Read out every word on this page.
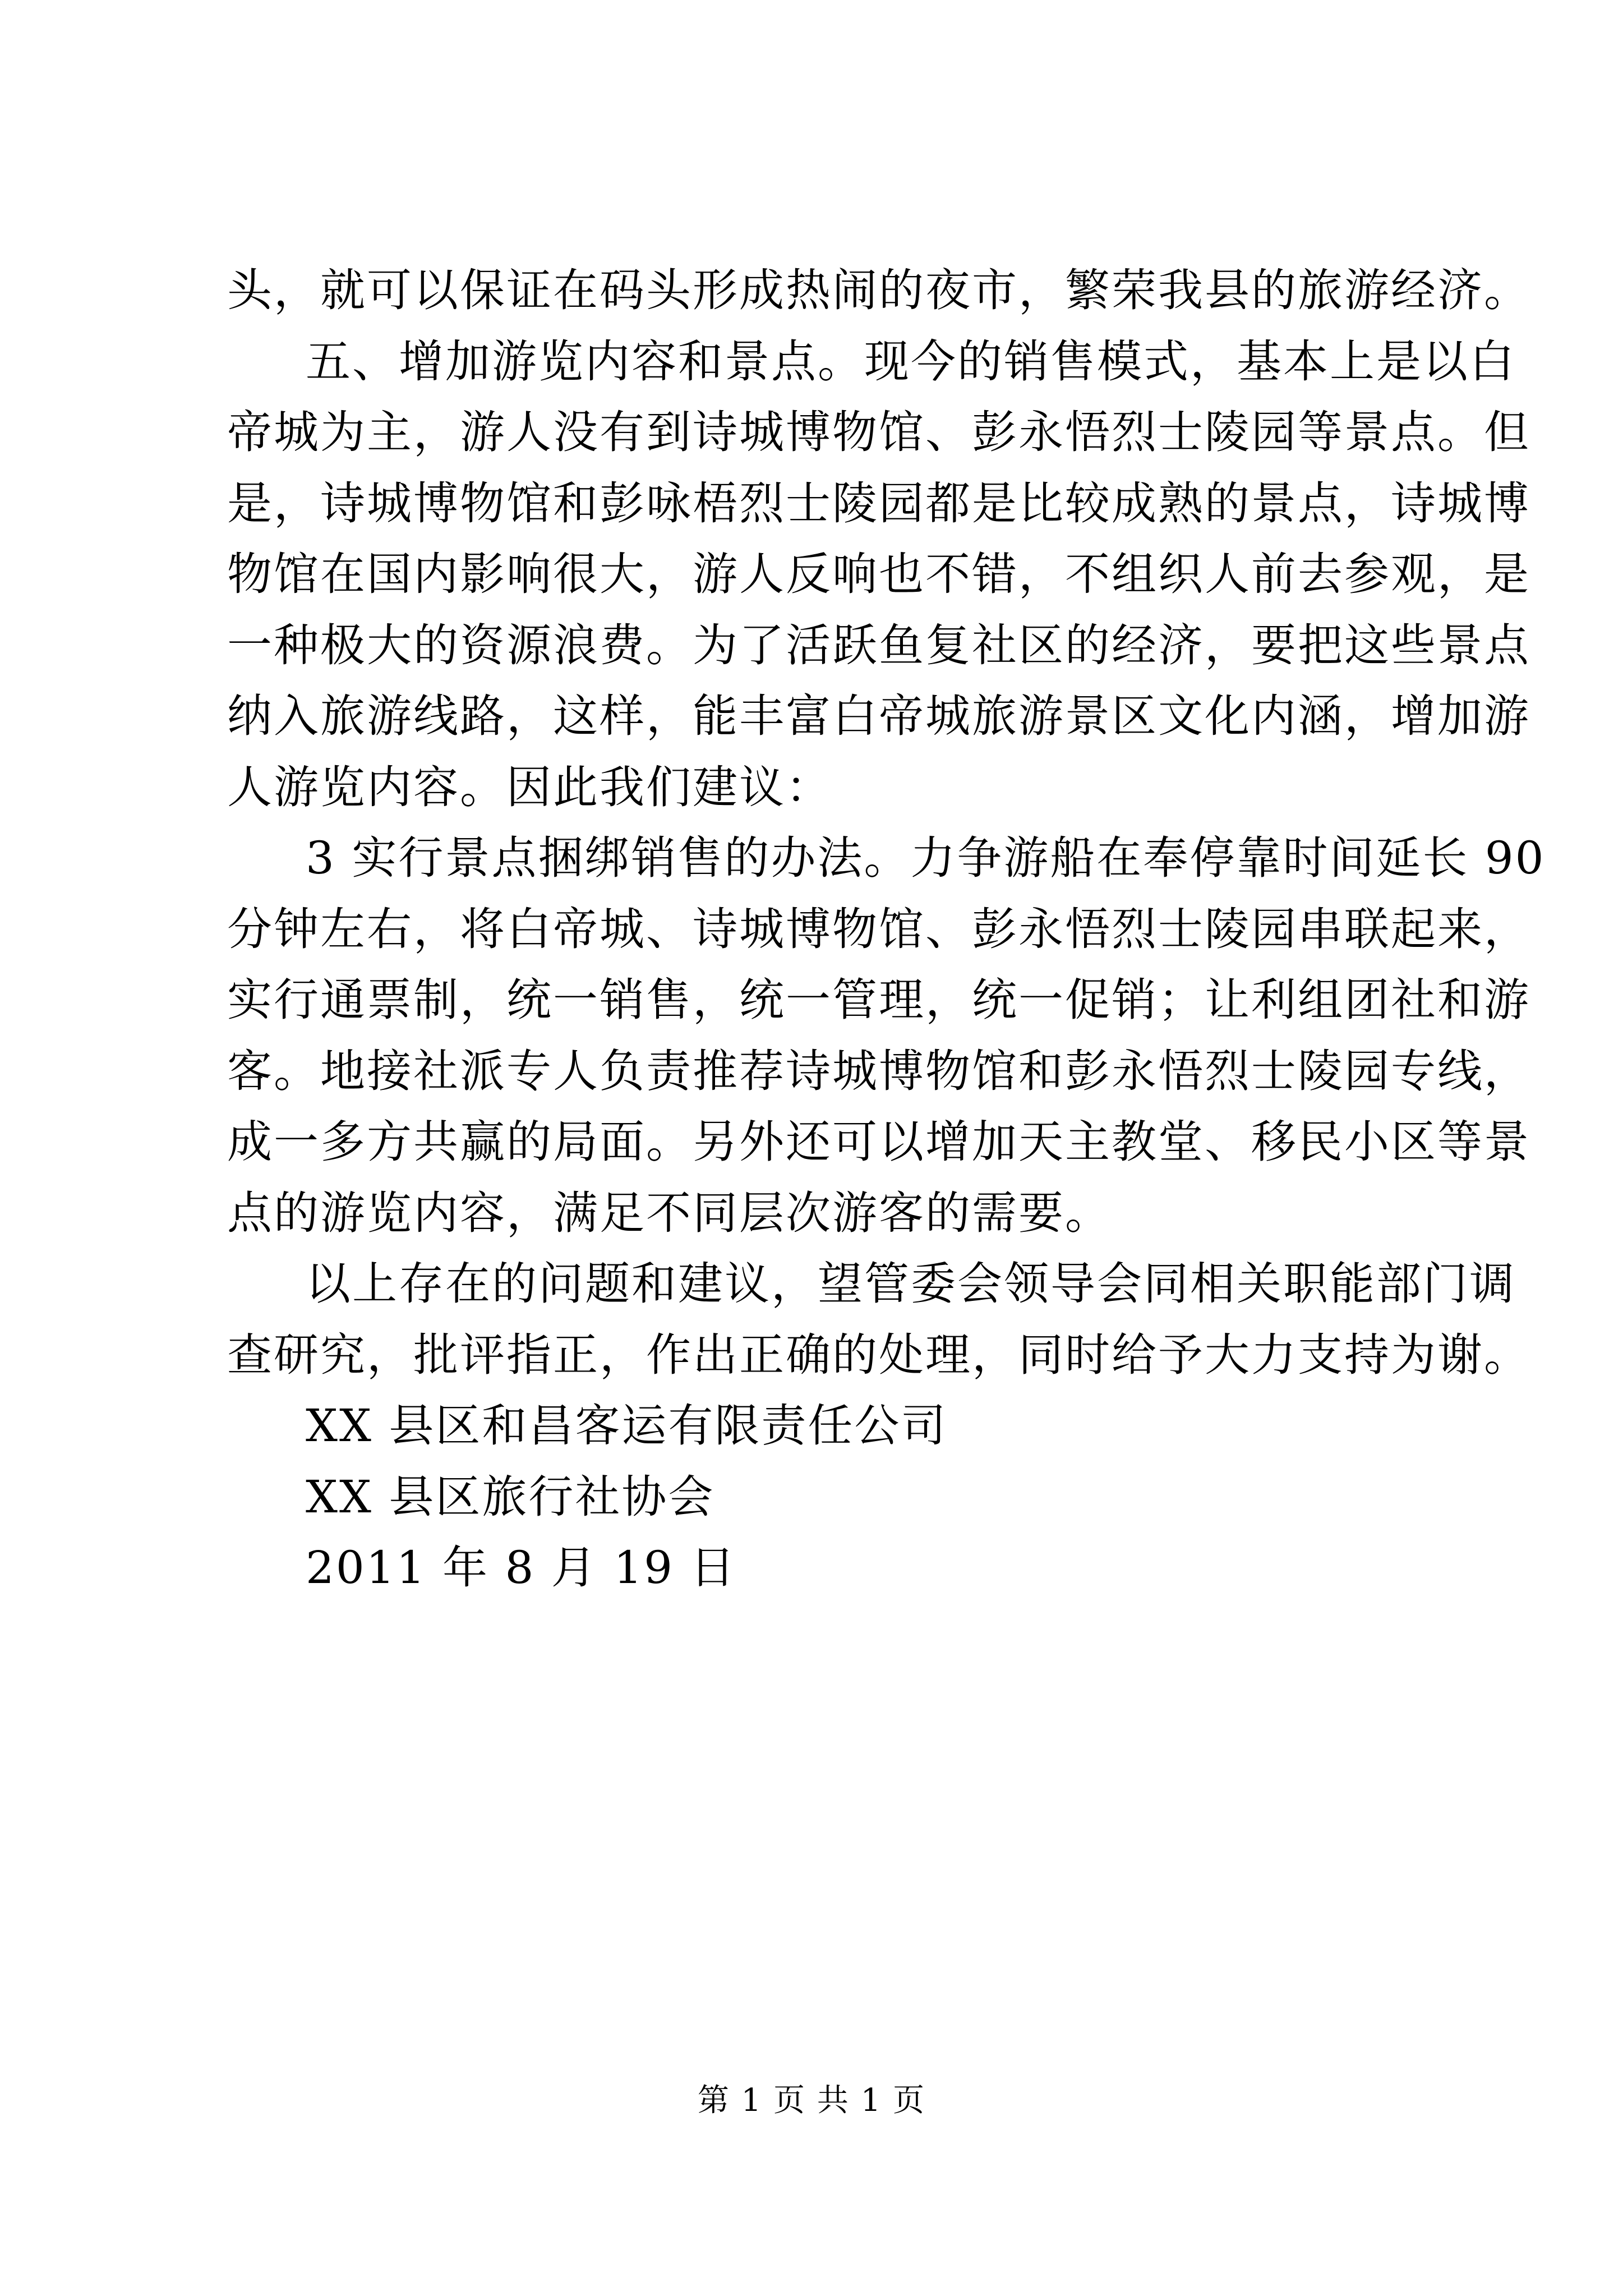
头，就可以保证在码头形成热闹的夜市，繁荣我县的旅游经济。
五、增加游览内容和景点。现今的销售模式，基本上是以白
帝城为主，游人没有到诗城博物馆、彭永悟烈士陵园等景点。但
是，诗城博物馆和彭咏梧烈士陵园都是比较成熟的景点，诗城博
物馆在国内影响很大，游人反响也不错，不组织人前去参观，是
一种极大的资源浪费。为了活跃鱼复社区的经济，要把这些景点
纳入旅游线路，这样，能丰富白帝城旅游景区文化内涵，增加游
人游览内容。因此我们建议：
3 实行景点捆绑销售的办法。力争游船在奉停靠时间延长 90
分钟左右，将白帝城、诗城博物馆、彭永悟烈士陵园串联起来，
实行通票制，统一销售，统一管理，统一促销；让利组团社和游
客。地接社派专人负责推荐诗城博物馆和彭永悟烈士陵园专线，
成一多方共赢的局面。另外还可以增加天主教堂、移民小区等景
点的游览内容，满足不同层次游客的需要。
以上存在的问题和建议，望管委会领导会同相关职能部门调
查研究，批评指正，作出正确的处理，同时给予大力支持为谢。
XX 县区和昌客运有限责任公司
XX 县区旅行社协会
2011 年 8 月 19 日
第 1 页 共 1 页
